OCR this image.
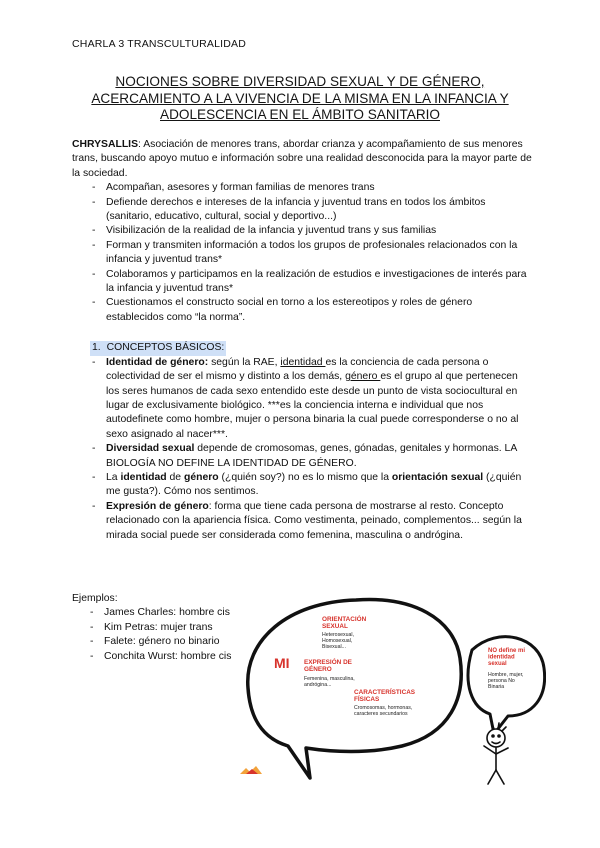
CHARLA 3 TRANSCULTURALIDAD
NOCIONES SOBRE DIVERSIDAD SEXUAL Y DE GÉNERO,
ACERCAMIENTO A LA VIVENCIA DE LA MISMA EN LA INFANCIA Y
ADOLESCENCIA EN EL ÁMBITO SANITARIO

CHRYSALLIS: Asociación de menores trans, abordar crianza y acompañamiento de sus menores trans, buscando apoyo mutuo e información sobre una realidad desconocida para la mayor parte de la sociedad.

- Acompañan, asesores y forman familias de menores trans
- Defiende derechos e intereses de la infancia y juventud trans en todos los ámbitos (sanitario, educativo, cultural, social y deportivo...)
- Visibilización de la realidad de la infancia y juventud trans y sus familias
- Forman y transmiten información a todos los grupos de profesionales relacionados con la infancia y juventud trans*
- Colaboramos y participamos en la realización de estudios e investigaciones de interés para la infancia y juventud trans*
- Cuestionamos el constructo social en torno a los estereotipos y roles de género establecidos como “la norma”.
1. CONCEPTOS BÁSICOS:
- Identidad de género: según la RAE, identidad es la conciencia de cada persona o colectividad de ser el mismo y distinto a los demás, género es el grupo al que pertenecen los seres humanos de cada sexo entendido este desde un punto de vista sociocultural en lugar de exclusivamente biológico. ***es la conciencia interna e individual que nos autodefinete como hombre, mujer o persona binaria la cual puede corresponderse o no al sexo asignado al nacer***.
- Diversidad sexual depende de cromosomas, genes, gónadas, genitales y hormonas. LA BIOLOGÍA NO DEFINE LA IDENTIDAD DE GÉNERO.
- La identidad de género (¿quién soy?) no es lo mismo que la orientación sexual (¿quién me gusta?). Cómo nos sentimos.
- Expresión de género: forma que tiene cada persona de mostrarse al resto. Concepto relacionado con la apariencia física. Como vestimenta, peinado, complementos... según la mirada social puede ser considerada como femenina, masculina o andrógina.
Ejemplos:
- James Charles: hombre cis
- Kim Petras: mujer trans
- Falete: género no binario
- Conchita Wurst: hombre cis	MI
ORIENTACIÓN SEXUAL
Heterosexual, Homosexual, Bisexual...
EXPRESIÓN DE GÉNERO
Femenina, masculina, andrógina...
CARACTERÍSTICAS FÍSICAS
Cromosomas, hormonas, caracteres secundarios
NO define mi identidad sexual
Hombre, mujer, persona No Binaria
